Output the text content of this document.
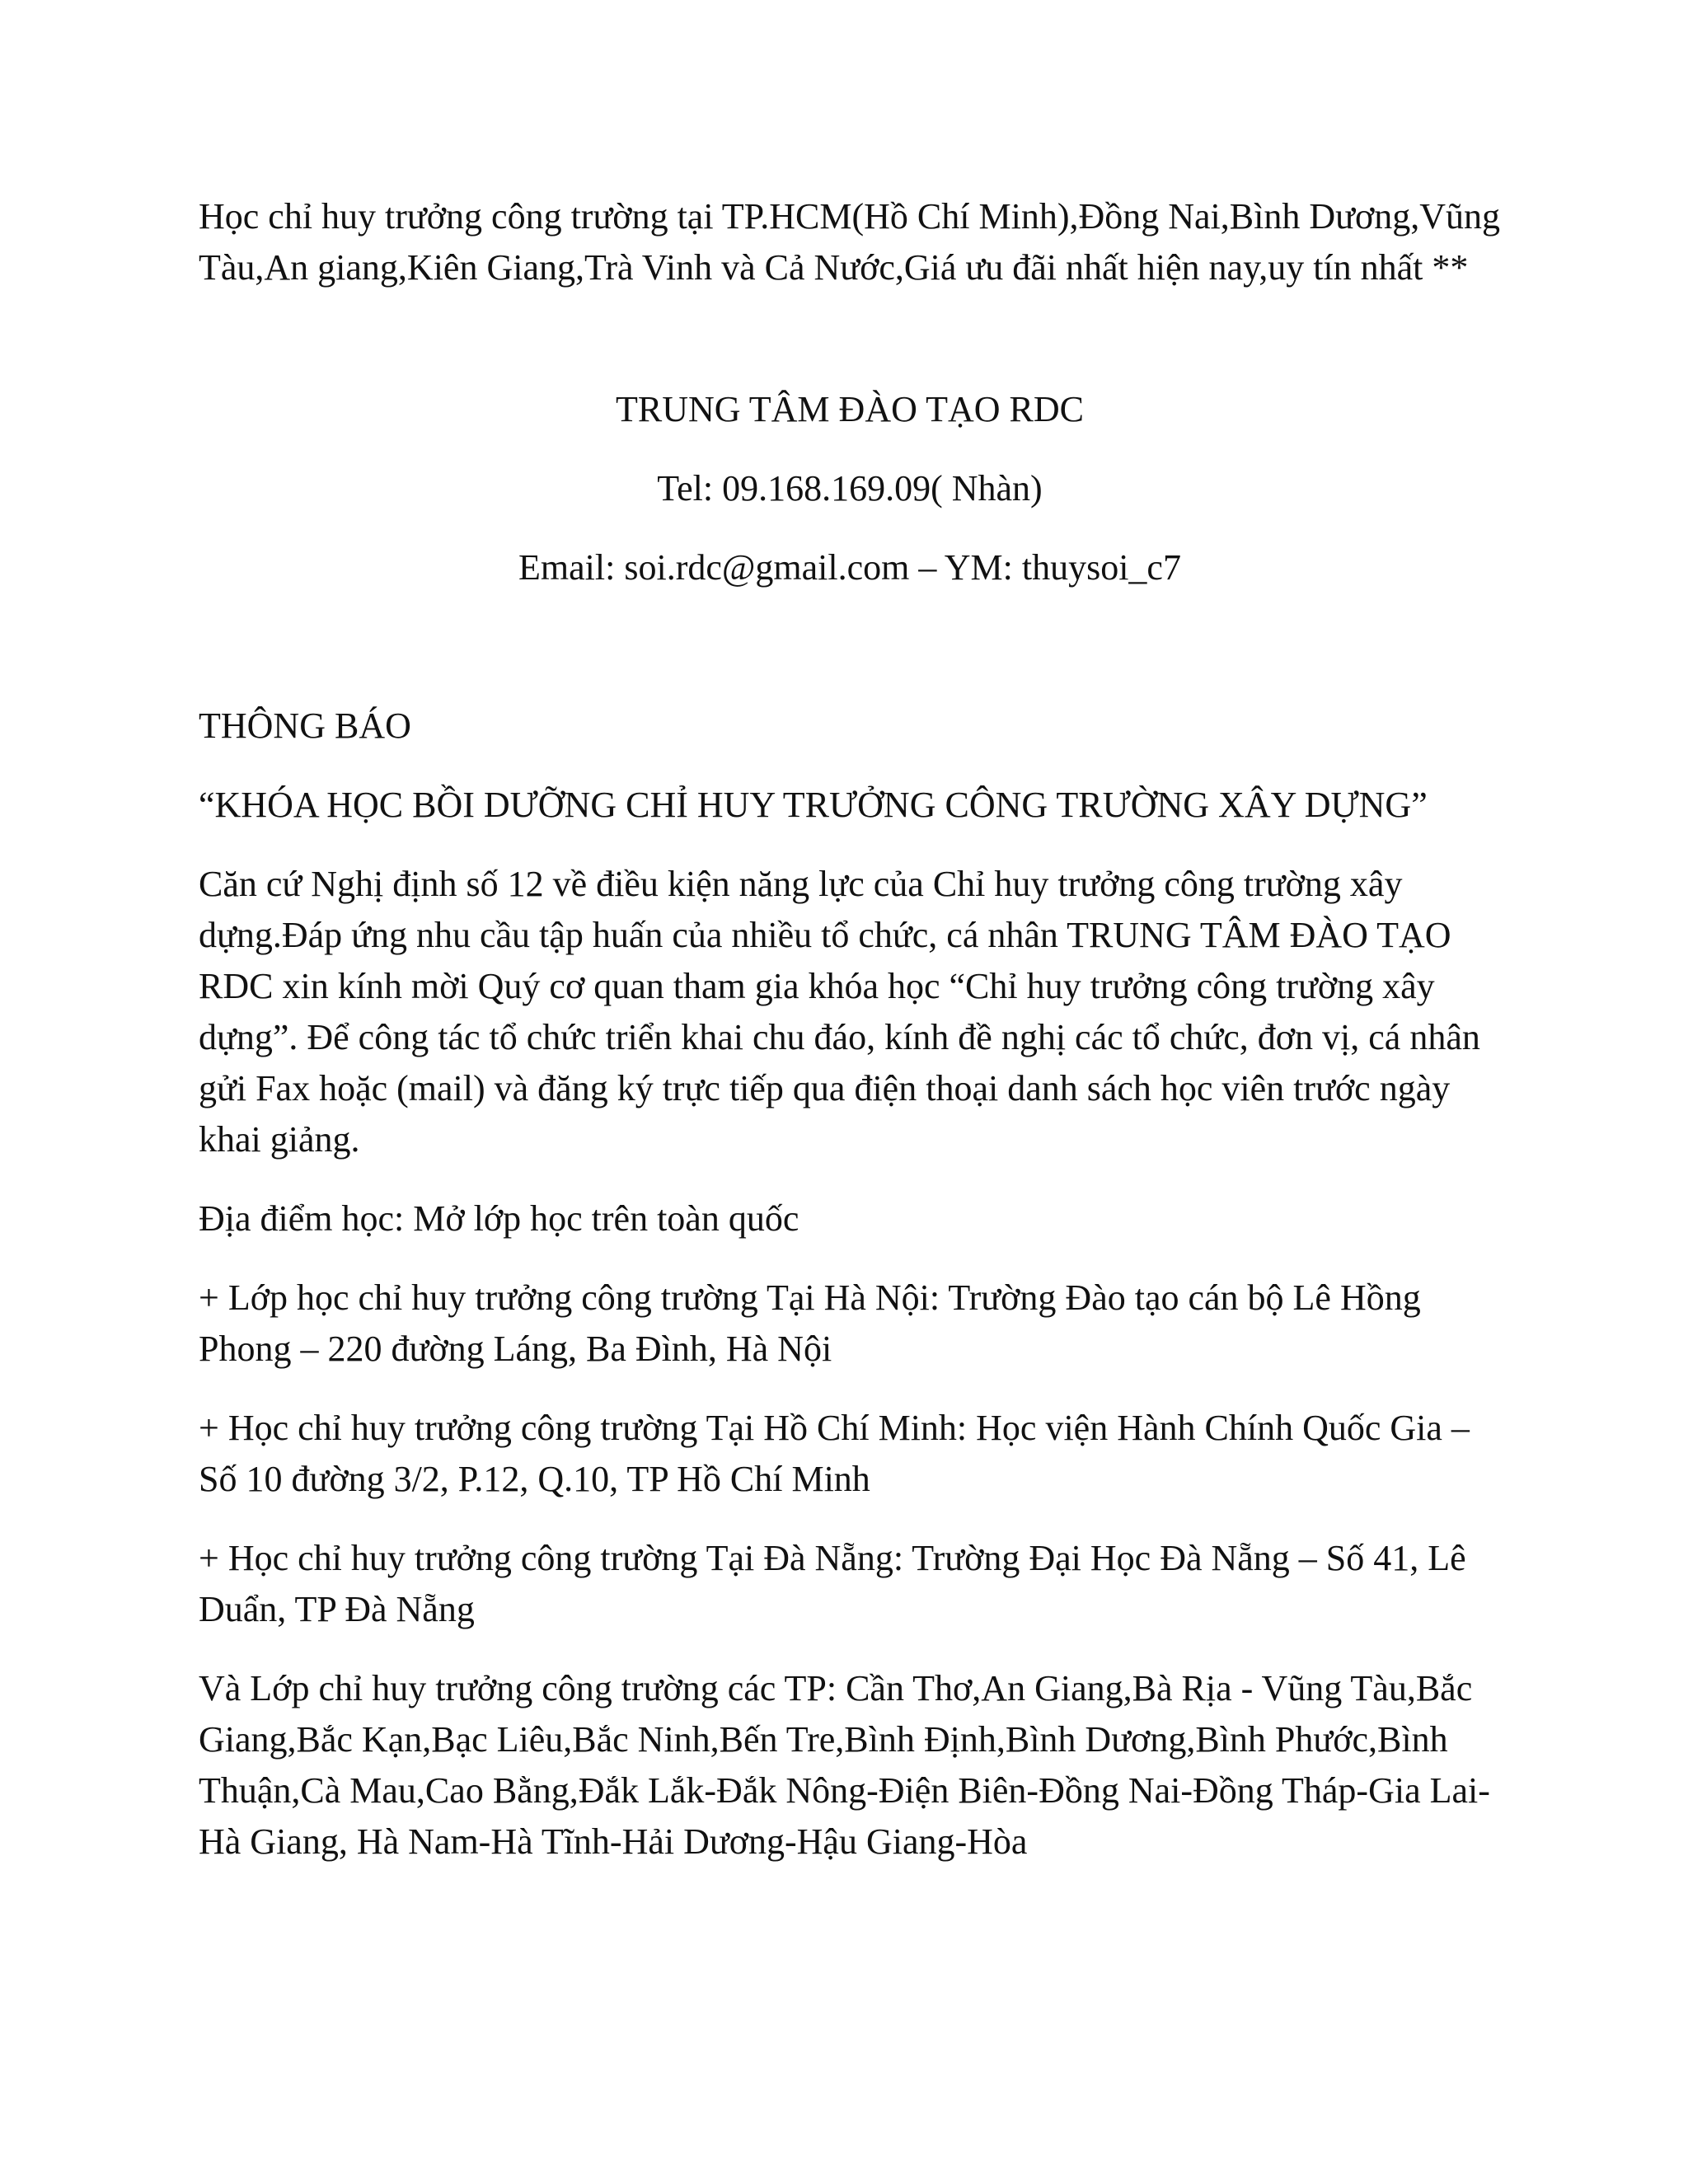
Học chỉ huy trưởng công trường tại TP.HCM(Hồ Chí Minh),Đồng Nai,Bình Dương,Vũng Tàu,An giang,Kiên Giang,Trà Vinh và Cả Nước,Giá ưu đãi nhất hiện nay,uy tín nhất **

TRUNG TÂM ĐÀO TẠO RDC

Tel: 09.168.169.09( Nhàn)

Email: soi.rdc@gmail.com – YM: thuysoi_c7

THÔNG BÁO

“KHÓA HỌC BỒI DƯỠNG CHỈ HUY TRƯỞNG CÔNG TRƯỜNG XÂY DỰNG”

Căn cứ Nghị định số 12 về điều kiện năng lực của Chỉ huy trưởng công trường xây dựng.Đáp ứng nhu cầu tập huấn của nhiều tổ chức, cá nhân TRUNG TÂM ĐÀO TẠO RDC xin kính mời Quý cơ quan tham gia khóa học “Chỉ huy trưởng công trường xây dựng”. Để công tác tổ chức triển khai chu đáo, kính đề nghị các tổ chức, đơn vị, cá nhân gửi Fax hoặc (mail) và đăng ký trực tiếp qua điện thoại danh sách học viên trước ngày khai giảng.

Địa điểm học: Mở lớp học trên toàn quốc

+ Lớp học chỉ huy trưởng công trường Tại Hà Nội: Trường Đào tạo cán bộ Lê Hồng Phong – 220 đường Láng, Ba Đình, Hà Nội

+ Học chỉ huy trưởng công trường Tại Hồ Chí Minh: Học viện Hành Chính Quốc Gia – Số 10 đường 3/2, P.12, Q.10, TP Hồ Chí Minh

+ Học chỉ huy trưởng công trường Tại Đà Nẵng: Trường Đại Học Đà Nẵng – Số 41, Lê Duẩn, TP Đà Nẵng

Và Lớp chỉ huy trưởng công trường các TP: Cần Thơ,An Giang,Bà Rịa - Vũng Tàu,Bắc Giang,Bắc Kạn,Bạc Liêu,Bắc Ninh,Bến Tre,Bình Định,Bình Dương,Bình Phước,Bình Thuận,Cà Mau,Cao Bằng,Đắk Lắk-Đắk Nông-Điện Biên-Đồng Nai-Đồng Tháp-Gia Lai-Hà Giang, Hà Nam-Hà Tĩnh-Hải Dương-Hậu Giang-Hòa
